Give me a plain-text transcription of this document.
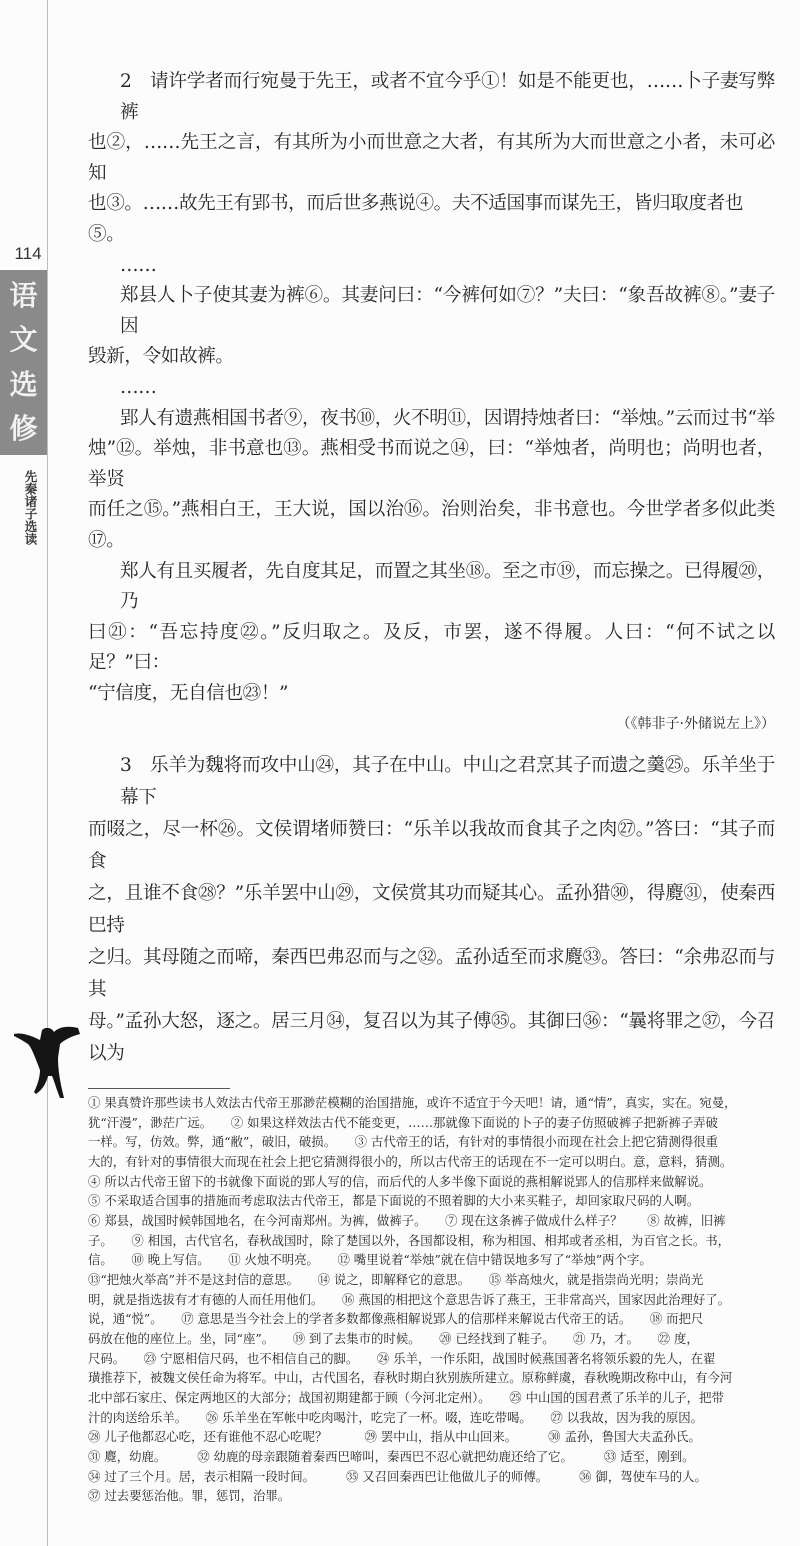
114
语
文
选
修
先秦诸子选读
2　请许学者而行宛曼于先王，或者不宜今乎①！如是不能更也，……卜子妻写弊裤
也②，……先王之言，有其所为小而世意之大者，有其所为大而世意之小者，未可必知
也③。……故先王有郢书，而后世多燕说④。夫不适国事而谋先王，皆归取度者也⑤。
……
郑县人卜子使其妻为裤⑥。其妻问曰：“今裤何如⑦？”夫曰：“象吾故裤⑧。”妻子因
毁新，令如故裤。
……
郢人有遗燕相国书者⑨，夜书⑩，火不明⑪，因谓持烛者曰：“举烛。”云而过书“举
烛”⑫。举烛，非书意也⑬。燕相受书而说之⑭，曰：“举烛者，尚明也；尚明也者，举贤
而任之⑮。”燕相白王，王大说，国以治⑯。治则治矣，非书意也。今世学者多似此类⑰。
郑人有且买履者，先自度其足，而置之其坐⑱。至之市⑲，而忘操之。已得履⑳，乃
曰㉑：“吾忘持度㉒。”反归取之。及反，市罢，遂不得履。人曰：“何不试之以足？”曰：
“宁信度，无自信也㉓！”
（《韩非子·外储说左上》）
3　乐羊为魏将而攻中山㉔，其子在中山。中山之君烹其子而遗之羹㉕。乐羊坐于幕下
而啜之，尽一杯㉖。文侯谓堵师赞曰：“乐羊以我故而食其子之肉㉗。”答曰：“其子而食
之，且谁不食㉘？”乐羊罢中山㉙，文侯赏其功而疑其心。孟孙猎㉚，得麑㉛，使秦西巴持
之归。其母随之而啼，秦西巴弗忍而与之㉜。孟孙适至而求麑㉝。答曰：“余弗忍而与其
母。”孟孙大怒，逐之。居三月㉞，复召以为其子傅㉟。其御曰㊱：“曩将罪之㊲，今召以为
① 果真赞许那些读书人效法古代帝王那渺茫模糊的治国措施，或许不适宜于今天吧！请，通“情”，真实，实在。宛曼，
犹“汗漫”，渺茫广远。　　② 如果这样效法古代不能变更，……那就像下面说的卜子的妻子仿照破裤子把新裤子弄破
一样。写，仿效。弊，通“敝”，破旧，破损。　　③ 古代帝王的话，有针对的事情很小而现在社会上把它猜测得很重
大的，有针对的事情很大而现在社会上把它猜测得很小的，所以古代帝王的话现在不一定可以明白。意，意料，猜测。
④ 所以古代帝王留下的书就像下面说的郢人写的信，而后代的人多半像下面说的燕相解说郢人的信那样来做解说。
⑤ 不采取适合国事的措施而考虑取法古代帝王，都是下面说的不照着脚的大小来买鞋子，却回家取尺码的人啊。
⑥ 郑县，战国时候韩国地名，在今河南郑州。为裤，做裤子。　　⑦ 现在这条裤子做成什么样子？　　⑧ 故裤，旧裤
子。　　⑨ 相国，古代官名，春秋战国时，除了楚国以外，各国都设相，称为相国、相邦或者丞相，为百官之长。书，
信。　　⑩ 晚上写信。　　⑪ 火烛不明亮。　　⑫ 嘴里说着“举烛”就在信中错误地多写了“举烛”两个字。
⑬“把烛火举高”并不是这封信的意思。　　⑭ 说之，即解释它的意思。　　⑮ 举高烛火，就是指崇尚光明；崇尚光
明，就是指选拔有才有德的人而任用他们。　　⑯ 燕国的相把这个意思告诉了燕王，王非常高兴，国家因此治理好了。
说，通“悦”。　　⑰ 意思是当今社会上的学者多数都像燕相解说郢人的信那样来解说古代帝王的话。　　⑱ 而把尺
码放在他的座位上。坐，同“座”。　　⑲ 到了去集市的时候。　　⑳ 已经找到了鞋子。　　㉑ 乃，才。　　㉒ 度，
尺码。　　㉓ 宁愿相信尺码，也不相信自己的脚。　　㉔ 乐羊，一作乐阳，战国时候燕国著名将领乐毅的先人，在翟
璜推荐下，被魏文侯任命为将军。中山，古代国名，春秋时期白狄别族所建立。原称鲜虞，春秋晚期改称中山，有今河
北中部石家庄、保定两地区的大部分；战国初期建都于顾（今河北定州）。　　㉕ 中山国的国君煮了乐羊的儿子，把带
汁的肉送给乐羊。　　㉖ 乐羊坐在军帐中吃肉喝汁，吃完了一杯。啜，连吃带喝。　　㉗ 以我故，因为我的原因。
㉘ 儿子他都忍心吃，还有谁他不忍心吃呢？　　　㉙ 罢中山，指从中山回来。　　　㉚ 孟孙，鲁国大夫孟孙氏。
㉛ 麑，幼鹿。　　　㉜ 幼鹿的母亲跟随着秦西巴啼叫，秦西巴不忍心就把幼鹿还给了它。　　　㉝ 适至，刚到。
㉞ 过了三个月。居，表示相隔一段时间。　　　㉟ 又召回秦西巴让他做儿子的师傅。　　　㊱ 御，驾使车马的人。
㊲ 过去要惩治他。罪，惩罚，治罪。
